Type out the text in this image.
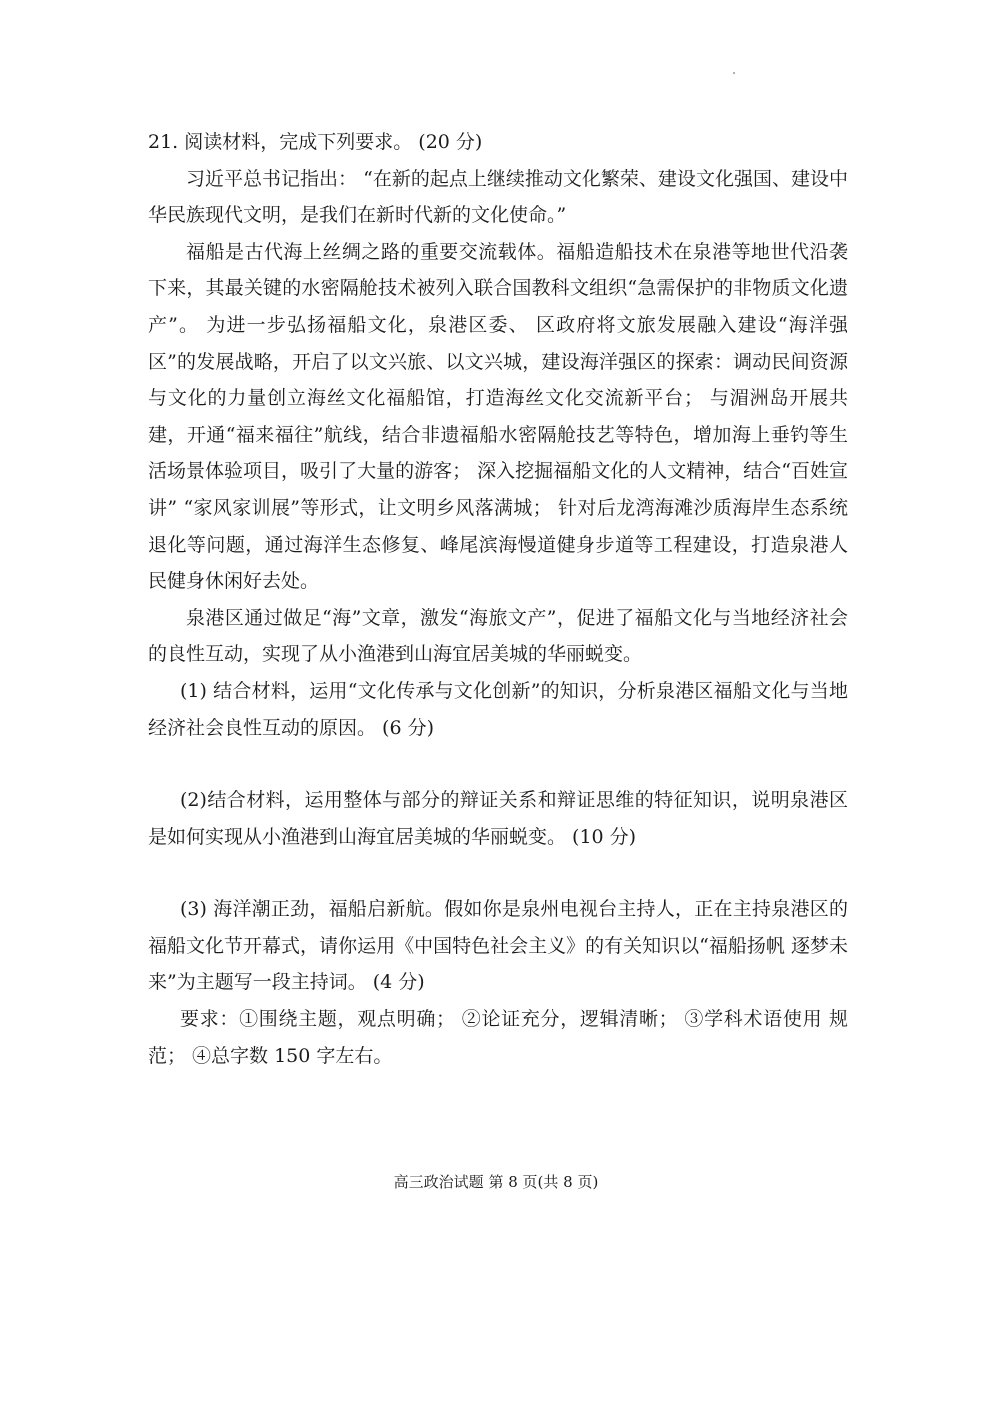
21. 阅读材料，完成下列要求。 (20 分)

习近平总书记指出： “在新的起点上继续推动文化繁荣、建设文化强国、建设中华民族现代文明，是我们在新时代新的文化使命。”

福船是古代海上丝绸之路的重要交流载体。福船造船技术在泉港等地世代沿袭下来，其最关键的水密隔舱技术被列入联合国教科文组织“急需保护的非物质文化遗产”。 为进一步弘扬福船文化，泉港区委、 区政府将文旅发展融入建设“海洋强区”的发展战略，开启了以文兴旅、以文兴城，建设海洋强区的探索：调动民间资源与文化的力量创立海丝文化福船馆，打造海丝文化交流新平台； 与湄洲岛开展共建，开通“福来福往”航线，结合非遗福船水密隔舱技艺等特色，增加海上垂钓等生活场景体验项目，吸引了大量的游客； 深入挖掘福船文化的人文精神，结合“百姓宣讲” “家风家训展”等形式，让文明乡风落满城； 针对后龙湾海滩沙质海岸生态系统退化等问题，通过海洋生态修复、峰尾滨海慢道健身步道等工程建设，打造泉港人民健身休闲好去处。

泉港区通过做足“海”文章，激发“海旅文产”，促进了福船文化与当地经济社会的良性互动，实现了从小渔港到山海宜居美城的华丽蜕变。

(1) 结合材料，运用“文化传承与文化创新”的知识，分析泉港区福船文化与当地经济社会良性互动的原因。 (6 分)

(2)结合材料，运用整体与部分的辩证关系和辩证思维的特征知识，说明泉港区是如何实现从小渔港到山海宜居美城的华丽蜕变。 (10 分)

(3) 海洋潮正劲，福船启新航。假如你是泉州电视台主持人，正在主持泉港区的福船文化节开幕式，请你运用《中国特色社会主义》的有关知识以“福船扬帆 逐梦未来”为主题写一段主持词。 (4 分)

要求：①围绕主题，观点明确； ②论证充分，逻辑清晰； ③学科术语使用 规范； ④总字数 150 字左右。

高三政治试题 第 8 页(共 8 页)
